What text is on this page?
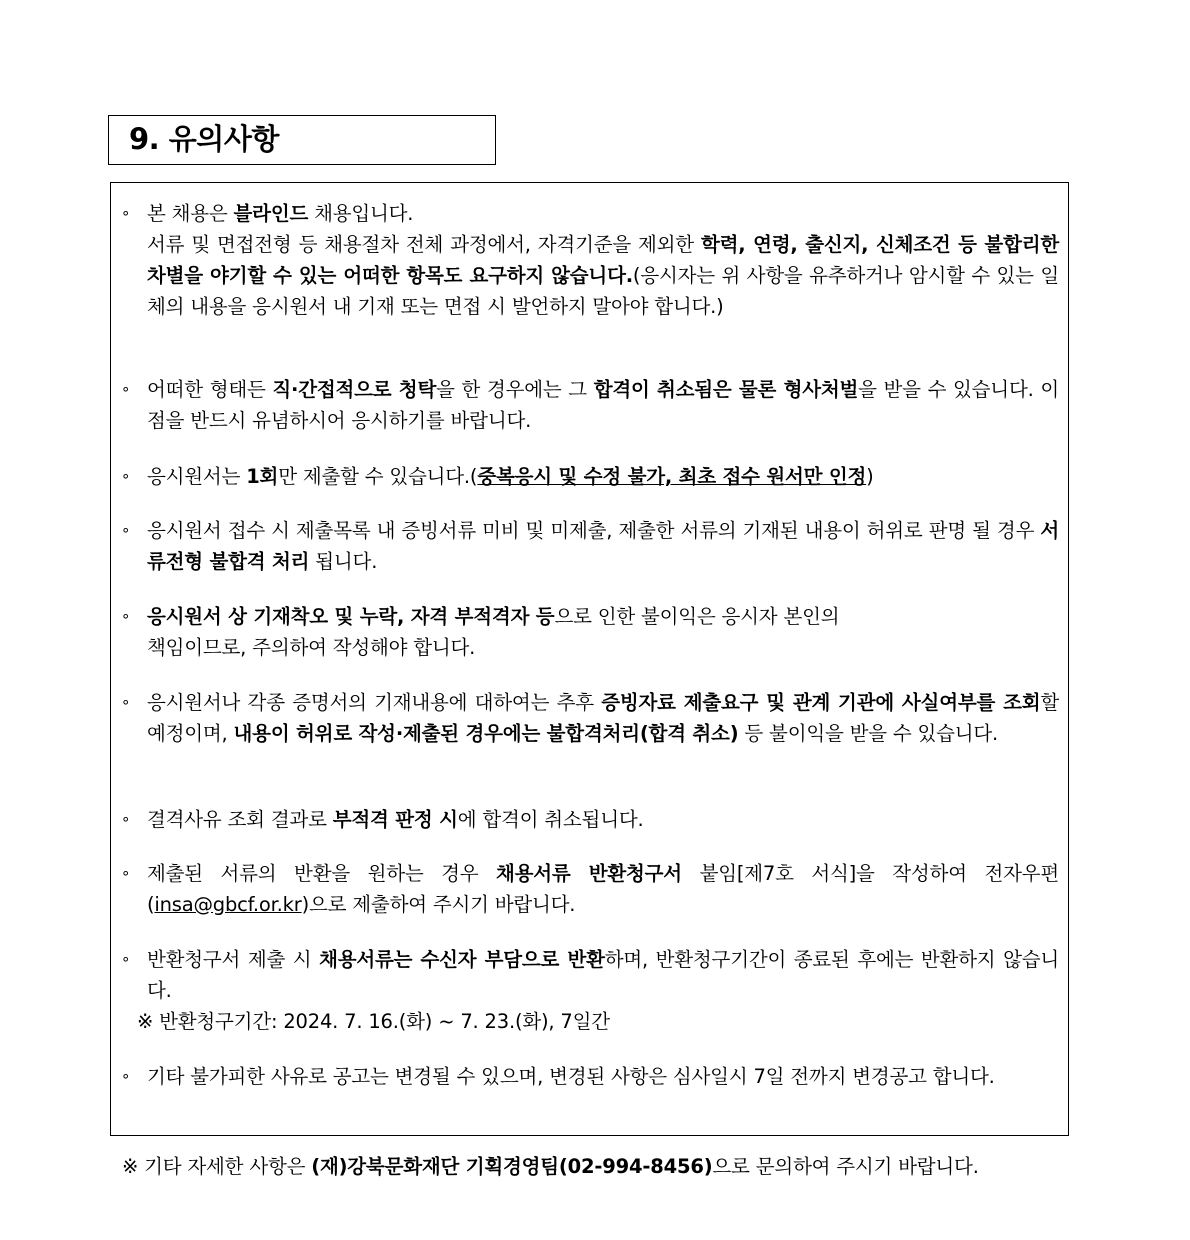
9. 유의사항
∘ 본 채용은 블라인드 채용입니다.

서류 및 면접전형 등 채용절차 전체 과정에서, 자격기준을 제외한 학력, 연령, 출신지, 신체조건 등 불합리한 차별을 야기할 수 있는 어떠한 항목도 요구하지 않습니다.(응시자는 위 사항을 유추하거나 암시할 수 있는 일체의 내용을 응시원서 내 기재 또는 면접 시 발언하지 말아야 합니다.)

∘ 어떠한 형태든 직·간접적으로 청탁을 한 경우에는 그 합격이 취소됨은 물론 형사처벌을 받을 수 있습니다. 이 점을 반드시 유념하시어 응시하기를 바랍니다.

∘ 응시원서는 1회만 제출할 수 있습니다.(중복응시 및 수정 불가, 최초 접수 원서만 인정)

∘ 응시원서 접수 시 제출목록 내 증빙서류 미비 및 미제출, 제출한 서류의 기재된 내용이 허위로 판명 될 경우 서류전형 불합격 처리 됩니다.

∘ 응시원서 상 기재착오 및 누락, 자격 부적격자 등으로 인한 불이익은 응시자 본인의

책임이므로, 주의하여 작성해야 합니다.

∘ 응시원서나 각종 증명서의 기재내용에 대하여는 추후 증빙자료 제출요구 및 관계 기관에 사실여부를 조회할 예정이며, 내용이 허위로 작성·제출된 경우에는 불합격처리(합격 취소) 등 불이익을 받을 수 있습니다.

∘ 결격사유 조회 결과로 부적격 판정 시에 합격이 취소됩니다.

∘ 제출된 서류의 반환을 원하는 경우 채용서류 반환청구서 붙임[제7호 서식]을 작성하여 전자우편(insa@gbcf.or.kr)으로 제출하여 주시기 바랍니다.

∘ 반환청구서 제출 시 채용서류는 수신자 부담으로 반환하며, 반환청구기간이 종료된 후에는 반환하지 않습니다.

※ 반환청구기간: 2024. 7. 16.(화) ~ 7. 23.(화), 7일간

∘ 기타 불가피한 사유로 공고는 변경될 수 있으며, 변경된 사항은 심사일시 7일 전까지 변경공고 합니다.

※ 기타 자세한 사항은 (재)강북문화재단 기획경영팀(02-994-8456)으로 문의하여 주시기 바랍니다.
